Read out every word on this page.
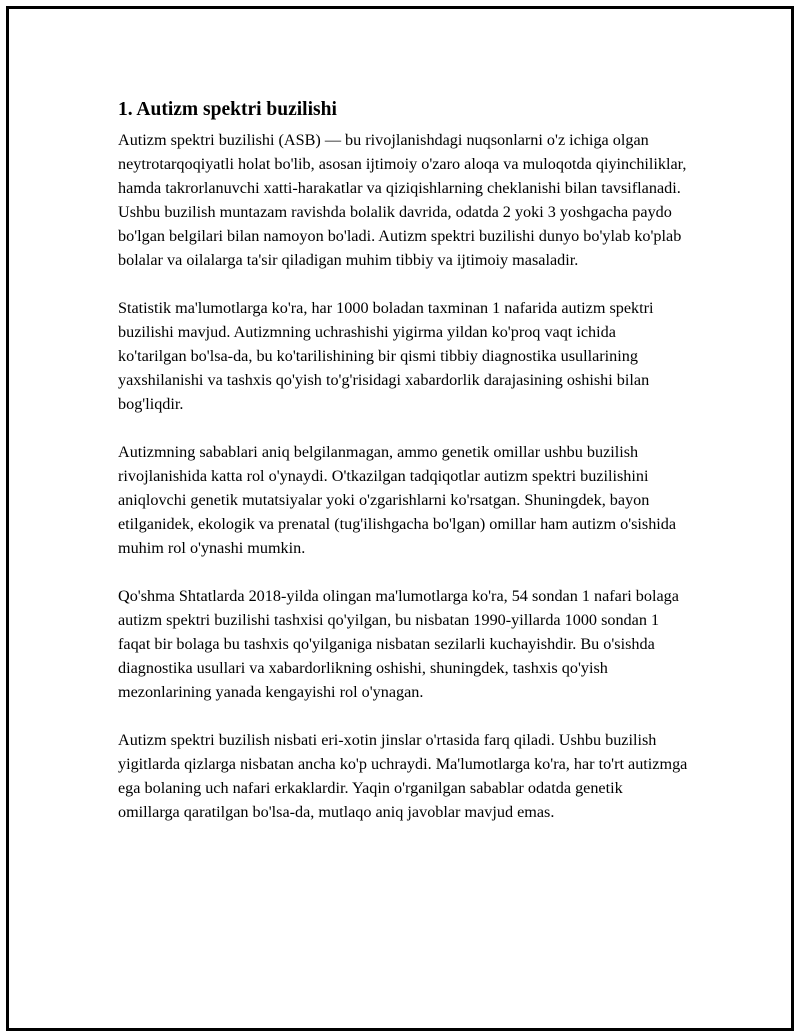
1. Autizm spektri buzilishi

Autizm spektri buzilishi (ASB) — bu rivojlanishdagi nuqsonlarni o'z ichiga olgan neytrotarqoqiyatli holat bo'lib, asosan ijtimoiy o'zaro aloqa va muloqotda qiyinchiliklar, hamda takrorlanuvchi xatti-harakatlar va qiziqishlarning cheklanishi bilan tavsiflanadi. Ushbu buzilish muntazam ravishda bolalik davrida, odatda 2 yoki 3 yoshgacha paydo bo'lgan belgilari bilan namoyon bo'ladi. Autizm spektri buzilishi dunyo bo'ylab ko'plab bolalar va oilalarga ta'sir qiladigan muhim tibbiy va ijtimoiy masaladir.

Statistik ma'lumotlarga ko'ra, har 1000 boladan taxminan 1 nafarida autizm spektri buzilishi mavjud. Autizmning uchrashishi yigirma yildan ko'proq vaqt ichida ko'tarilgan bo'lsa-da, bu ko'tarilishining bir qismi tibbiy diagnostika usullarining yaxshilanishi va tashxis qo'yish to'g'risidagi xabardorlik darajasining oshishi bilan bog'liqdir.

Autizmning sabablari aniq belgilanmagan, ammo genetik omillar ushbu buzilish rivojlanishida katta rol o'ynaydi. O'tkazilgan tadqiqotlar autizm spektri buzilishini aniqlovchi genetik mutatsiyalar yoki o'zgarishlarni ko'rsatgan. Shuningdek, bayon etilganidek, ekologik va prenatal (tug'ilishgacha bo'lgan) omillar ham autizm o'sishida muhim rol o'ynashi mumkin.

Qo'shma Shtatlarda 2018-yilda olingan ma'lumotlarga ko'ra, 54 sondan 1 nafari bolaga autizm spektri buzilishi tashxisi qo'yilgan, bu nisbatan 1990-yillarda 1000 sondan 1 faqat bir bolaga bu tashxis qo'yilganiga nisbatan sezilarli kuchayishdir. Bu o'sishda diagnostika usullari va xabardorlikning oshishi, shuningdek, tashxis qo'yish mezonlarining yanada kengayishi rol o'ynagan.

Autizm spektri buzilish nisbati eri-xotin jinslar o'rtasida farq qiladi. Ushbu buzilish yigitlarda qizlarga nisbatan ancha ko'p uchraydi. Ma'lumotlarga ko'ra, har to'rt autizmga ega bolaning uch nafari erkaklardir. Yaqin o'rganilgan sabablar odatda genetik omillarga qaratilgan bo'lsa-da, mutlaqo aniq javoblar mavjud emas.
